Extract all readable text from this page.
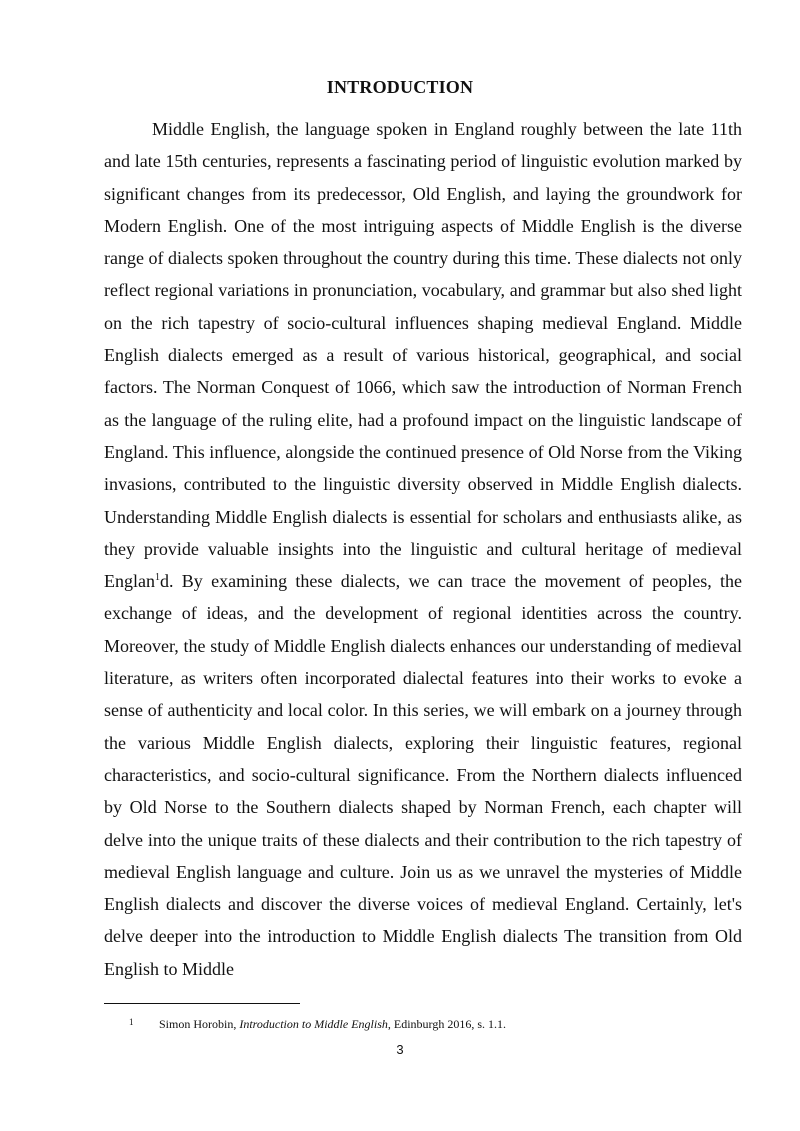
INTRODUCTION

Middle English, the language spoken in England roughly between the late 11th and late 15th centuries, represents a fascinating period of linguistic evolution marked by significant changes from its predecessor, Old English, and laying the groundwork for Modern English. One of the most intriguing aspects of Middle English is the diverse range of dialects spoken throughout the country during this time. These dialects not only reflect regional variations in pronunciation, vocabulary, and grammar but also shed light on the rich tapestry of socio-cultural influences shaping medieval England. Middle English dialects emerged as a result of various historical, geographical, and social factors. The Norman Conquest of 1066, which saw the introduction of Norman French as the language of the ruling elite, had a profound impact on the linguistic landscape of England. This influence, alongside the continued presence of Old Norse from the Viking invasions, contributed to the linguistic diversity observed in Middle English dialects. Understanding Middle English dialects is essential for scholars and enthusiasts alike, as they provide valuable insights into the linguistic and cultural heritage of medieval Englan$^1$d. By examining these dialects, we can trace the movement of peoples, the exchange of ideas, and the development of regional identities across the country. Moreover, the study of Middle English dialects enhances our understanding of medieval literature, as writers often incorporated dialectal features into their works to evoke a sense of authenticity and local color. In this series, we will embark on a journey through the various Middle English dialects, exploring their linguistic features, regional characteristics, and socio-cultural significance. From the Northern dialects influenced by Old Norse to the Southern dialects shaped by Norman French, each chapter will delve into the unique traits of these dialects and their contribution to the rich tapestry of medieval English language and culture. Join us as we unravel the mysteries of Middle English dialects and discover the diverse voices of medieval England. Certainly, let's delve deeper into the introduction to Middle English dialects The transition from Old English to Middle

1 Simon Horobin, Introduction to Middle English, Edinburgh 2016, s. 1.1.
3
